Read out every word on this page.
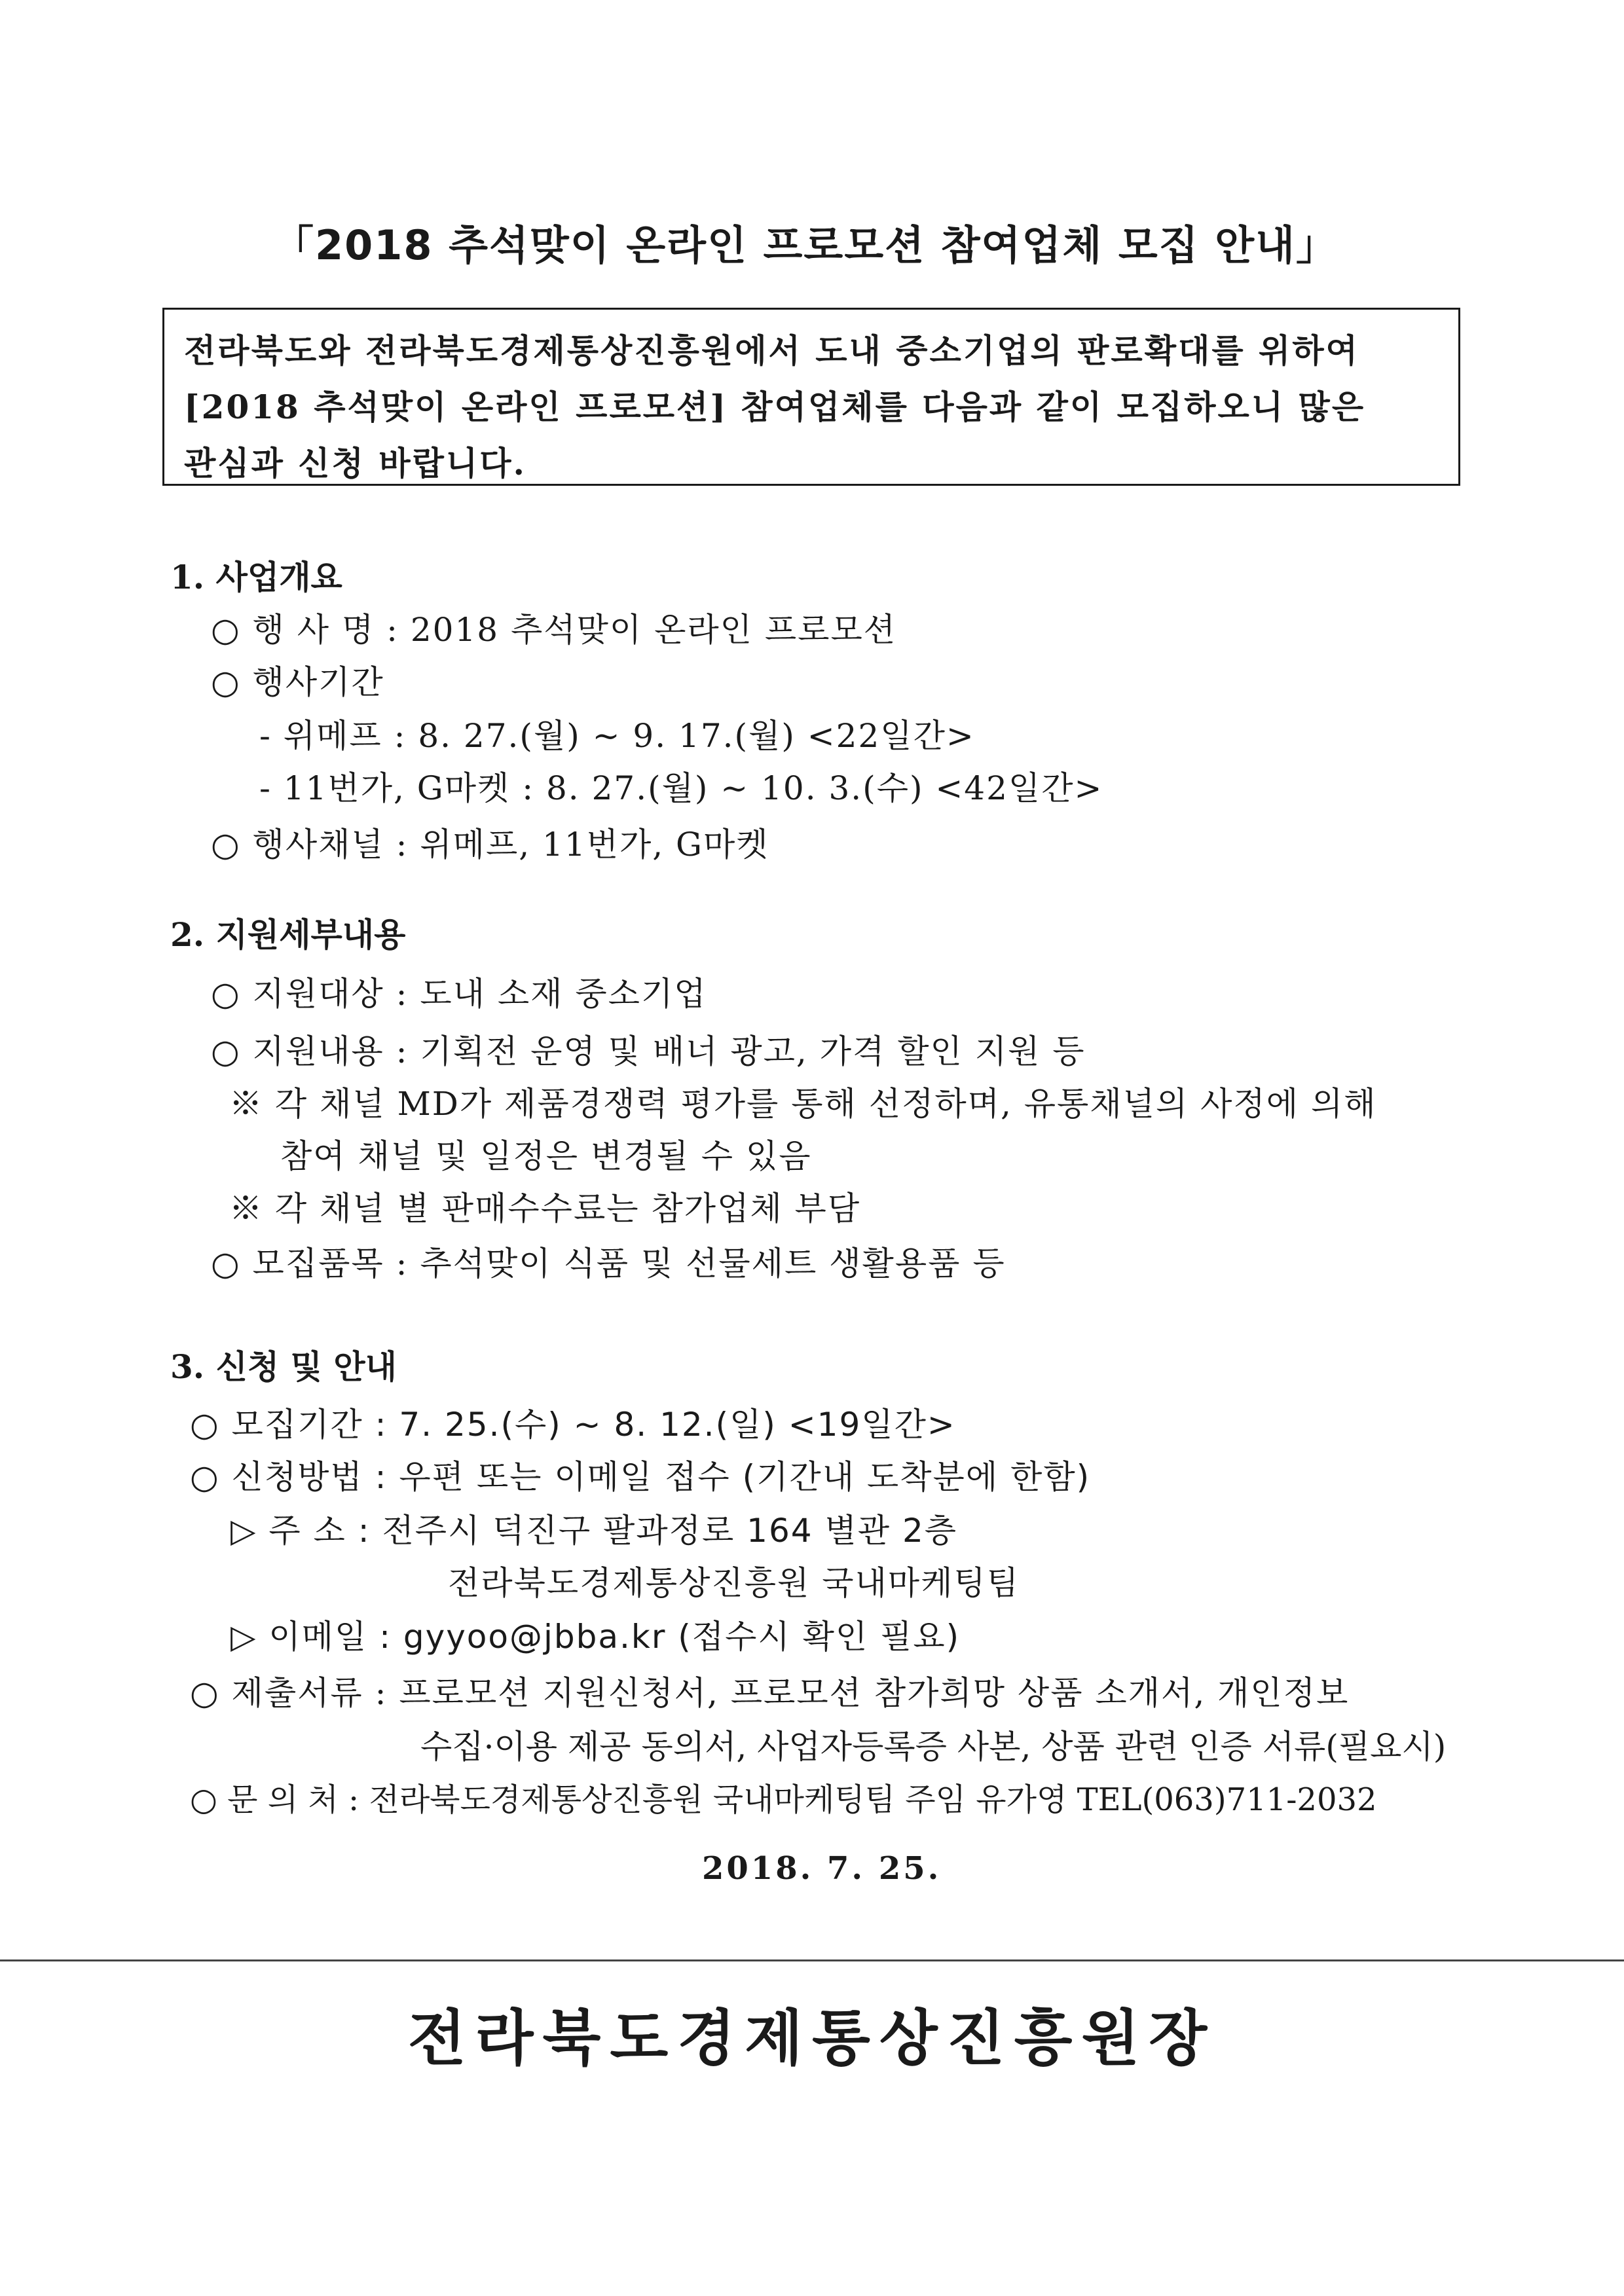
「2018 추석맞이 온라인 프로모션 참여업체 모집 안내」
전라북도와 전라북도경제통상진흥원에서 도내 중소기업의 판로확대를 위하여
[2018 추석맞이 온라인 프로모션] 참여업체를 다음과 같이 모집하오니 많은
관심과 신청 바랍니다.
1. 사업개요
○ 행 사 명 : 2018 추석맞이 온라인 프로모션
○ 행사기간
- 위메프 : 8. 27.(월) ~ 9. 17.(월) <22일간>
- 11번가, G마켓 : 8. 27.(월) ~ 10. 3.(수) <42일간>
○ 행사채널 : 위메프, 11번가, G마켓
2. 지원세부내용
○ 지원대상 : 도내 소재 중소기업
○ 지원내용 : 기획전 운영 및 배너 광고, 가격 할인 지원 등
※ 각 채널 MD가 제품경쟁력 평가를 통해 선정하며, 유통채널의 사정에 의해
참여 채널 및 일정은 변경될 수 있음
※ 각 채널 별 판매수수료는 참가업체 부담
○ 모집품목 : 추석맞이 식품 및 선물세트 생활용품 등
3. 신청 및 안내
○ 모집기간 : 7. 25.(수) ~ 8. 12.(일) <19일간>
○ 신청방법 : 우편 또는 이메일 접수 (기간내 도착분에 한함)
▷ 주 소 : 전주시 덕진구 팔과정로 164 별관 2층
전라북도경제통상진흥원 국내마케팅팀
▷ 이메일 : gyyoo@jbba.kr (접수시 확인 필요)
○ 제출서류 : 프로모션 지원신청서, 프로모션 참가희망 상품 소개서, 개인정보
수집·이용 제공 동의서, 사업자등록증 사본, 상품 관련 인증 서류(필요시)
○ 문 의 처 : 전라북도경제통상진흥원 국내마케팅팀 주임 유가영 TEL(063)711-2032
2018. 7. 25.
전라북도경제통상진흥원장
